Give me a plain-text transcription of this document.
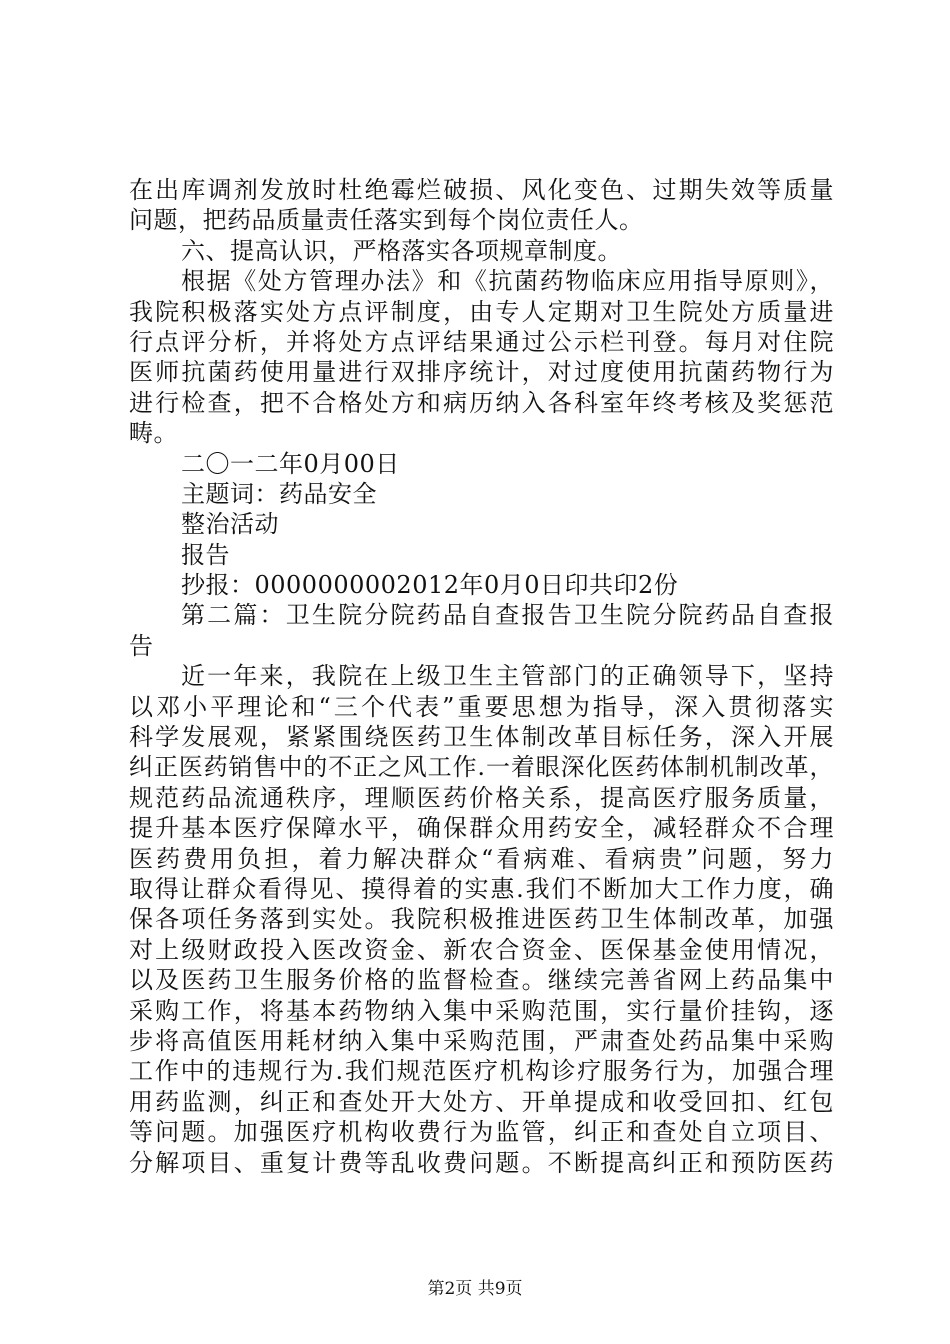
在出库调剂发放时杜绝霉烂破损、风化变色、过期失效等质量
问题，把药品质量责任落实到每个岗位责任人。
六、提高认识，严格落实各项规章制度。
根据《处方管理办法》和《抗菌药物临床应用指导原则》，
我院积极落实处方点评制度，由专人定期对卫生院处方质量进
行点评分析，并将处方点评结果通过公示栏刊登。每月对住院
医师抗菌药使用量进行双排序统计，对过度使用抗菌药物行为
进行检查，把不合格处方和病历纳入各科室年终考核及奖惩范
畴。
二〇一二年0月00日
主题词：药品安全
整治活动
报告
抄报：0000000002012年0月0日印共印2份
第二篇：卫生院分院药品自查报告卫生院分院药品自查报
告
近一年来，我院在上级卫生主管部门的正确领导下，坚持
以邓小平理论和“三个代表”重要思想为指导，深入贯彻落实
科学发展观，紧紧围绕医药卫生体制改革目标任务，深入开展
纠正医药销售中的不正之风工作.一着眼深化医药体制机制改革，
规范药品流通秩序，理顺医药价格关系，提高医疗服务质量，
提升基本医疗保障水平，确保群众用药安全，减轻群众不合理
医药费用负担，着力解决群众“看病难、看病贵”问题，努力
取得让群众看得见、摸得着的实惠.我们不断加大工作力度，确
保各项任务落到实处。我院积极推进医药卫生体制改革，加强
对上级财政投入医改资金、新农合资金、医保基金使用情况，
以及医药卫生服务价格的监督检查。继续完善省网上药品集中
采购工作，将基本药物纳入集中采购范围，实行量价挂钩，逐
步将高值医用耗材纳入集中采购范围，严肃查处药品集中采购
工作中的违规行为.我们规范医疗机构诊疗服务行为，加强合理
用药监测，纠正和查处开大处方、开单提成和收受回扣、红包
等问题。加强医疗机构收费行为监管，纠正和查处自立项目、
分解项目、重复计费等乱收费问题。不断提高纠正和预防医药
第2页 共9页
